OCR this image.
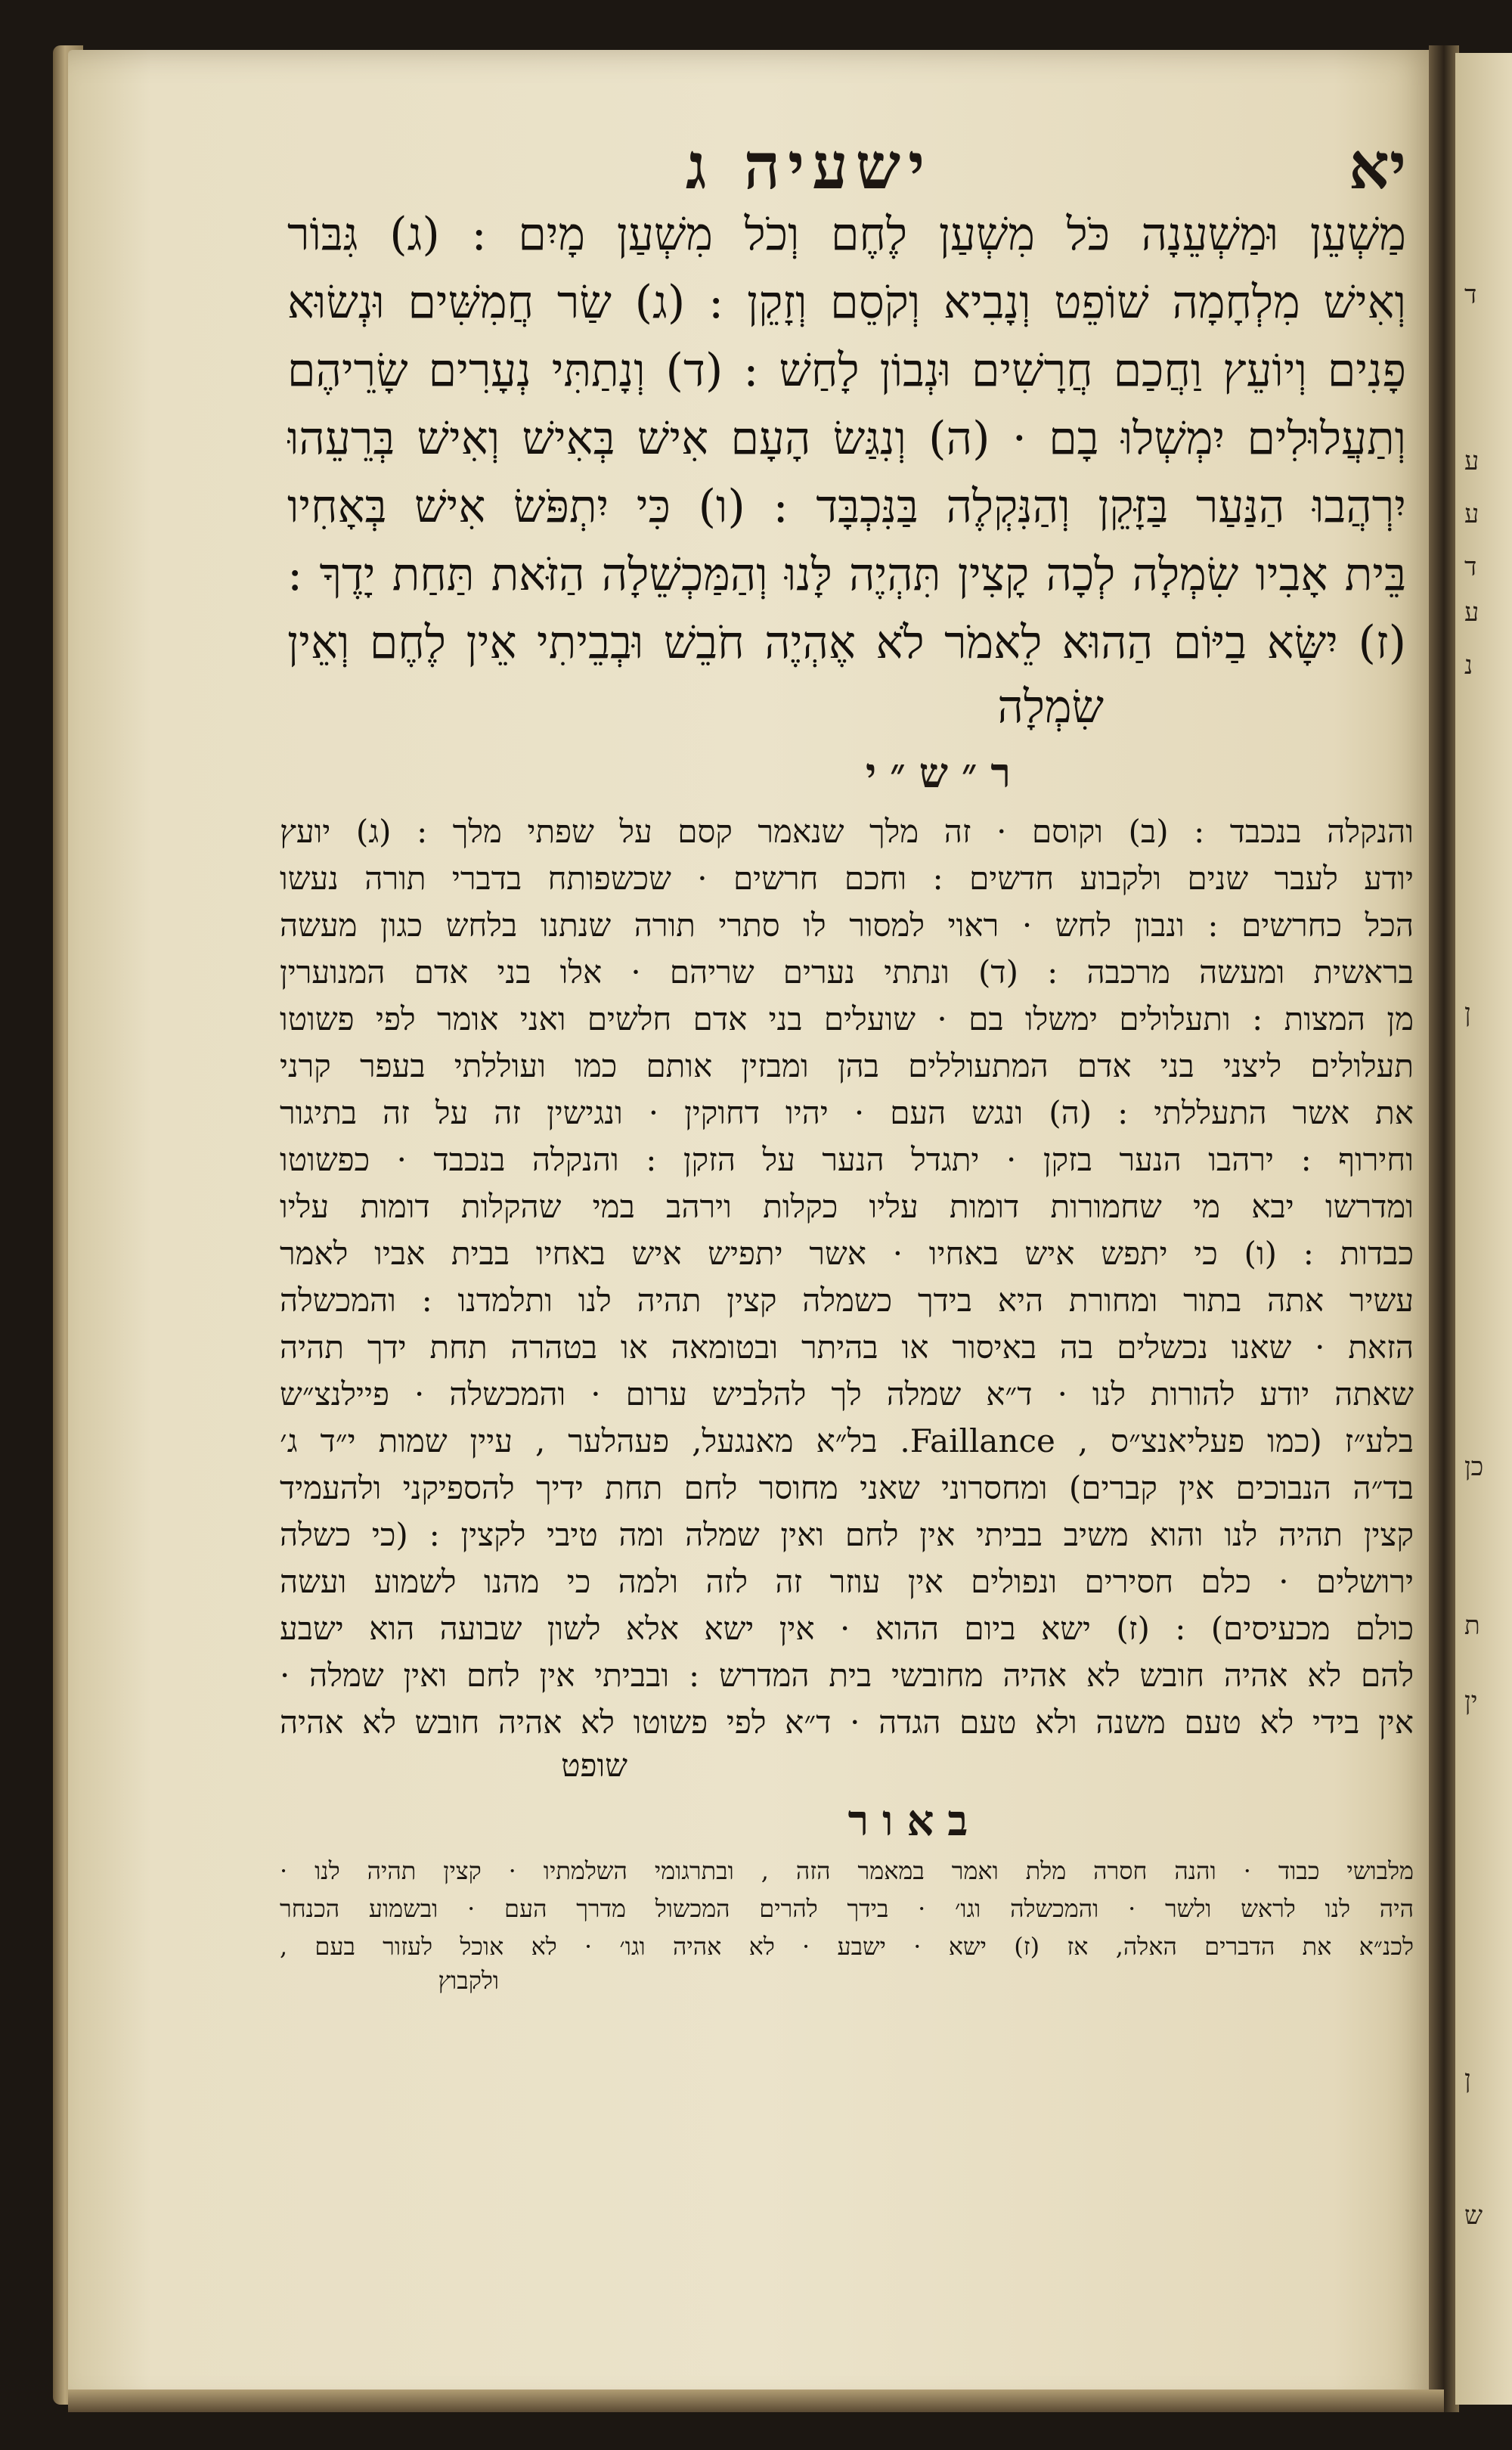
ד
ע
ע
ד
ע
נ
ן
כן
ת
ין
ן
ש
ישעיה ג	יא
מַשְׁעֵן וּמַשְׁעֵנָה כֹּל מִשְׁעַן לֶחֶם וְכֹל מִשְׁעַן מָיִם : (ג) גִּבּוֹר
וְאִישׁ מִלְחָמָה שׁוֹפֵט וְנָבִיא וְקֹסֵם וְזָקֵן : (ג) שַׂר חֲמִשִּׁים וּנְשׂוּא
פָנִים וְיוֹעֵץ וַחֲכַם חֲרָשִׁים וּנְבוֹן לָחַשׁ : (ד) וְנָתַתִּי נְעָרִים שָׂרֵיהֶם
וְתַעֲלוּלִים יִמְשְׁלוּ בָם · (ה) וְנִגַּשׂ הָעָם אִישׁ בְּאִישׁ וְאִישׁ בְּרֵעֵהוּ
יִרְהֲבוּ הַנַּעַר בַּזָּקֵן וְהַנִּקְלֶה בַּנִּכְבָּד : (ו) כִּי יִתְפֹּשׂ אִישׁ בְּאָחִיו
בֵּית אָבִיו שִׂמְלָה לְכָה קָצִין תִּהְיֶה לָּנוּ וְהַמַּכְשֵׁלָה הַזֹּאת תַּחַת יָדֶךָ :
(ז) יִשָּׂא בַיּוֹם הַהוּא לֵאמֹר לֹא אֶהְיֶה חֹבֵשׁ וּבְבֵיתִי אֵין לֶחֶם וְאֵין
שִׂמְלָה
ר״ש״י
והנקלה בנכבד : (ב) וקוסם · זה מלך שנאמר קסם על שפתי מלך : (ג) יועץ
יודע לעבר שנים ולקבוע חדשים : וחכם חרשים · שכשפותח בדברי תורה נעשו
הכל כחרשים : ונבון לחש · ראוי למסור לו סתרי תורה שנתנו בלחש כגון מעשה
בראשית ומעשה מרכבה : (ד) ונתתי נערים שריהם · אלו בני אדם המנוערין
מן המצות : ותעלולים ימשלו בם · שועלים בני אדם חלשים ואני אומר לפי פשוטו
תעלולים ליצני בני אדם המתעוללים בהן ומבזין אותם כמו ועוללתי בעפר קרני
את אשר התעללתי : (ה) ונגש העם · יהיו דחוקין · ונגישין זה על זה בתיגור
וחירוף : ירהבו הנער בזקן · יתגדל הנער על הזקן : והנקלה בנכבד · כפשוטו
ומדרשו יבא מי שחמורות דומות עליו כקלות וירהב במי שהקלות דומות עליו
כבדות : (ו) כי יתפש איש באחיו · אשר יתפיש איש באחיו בבית אביו לאמר
עשיר אתה בתור ומחורת היא בידך כשמלה קצין תהיה לנו ותלמדנו : והמכשלה
הזאת · שאנו נכשלים בה באיסור או בהיתר ובטומאה או בטהרה תחת ידך תהיה
שאתה יודע להורות לנו · ד״א שמלה לך להלביש ערום · והמכשלה · פיילנצ״ש
בלע״ז (כמו פעליאנצ״ס , Faillance. בל״א מאנגעל, פעהלער , עיין שמות י״ד ג׳
בד״ה הנבוכים אין קברים) ומחסרוני שאני מחוסר לחם תחת ידיך להספיקני ולהעמיד
קצין תהיה לנו והוא משיב בביתי אין לחם ואין שמלה ומה טיבי לקצין : (כי כשלה
ירושלים · כלם חסירים ונפולים אין עוזר זה לזה ולמה כי מהנו לשמוע ועשה
כולם מכעיסים) : (ז) ישא ביום ההוא · אין ישא אלא לשון שבועה הוא ישבע
להם לא אהיה חובש לא אהיה מחובשי בית המדרש : ובביתי אין לחם ואין שמלה ·
אין בידי לא טעם משנה ולא טעם הגדה · ד״א לפי פשוטו לא אהיה חובש לא אהיה
שופט
באור
מלבושי כבוד · והנה חסרה מלת ואמר במאמר הזה , ובתרגומי השלמתיו · קצין תהיה לנו ·
היה לנו לראש ולשר · והמכשלה וגו׳ · בידך להרים המכשול מדרך העם · ובשמוע הכנחר
לכנ״א את הדברים האלה, אז (ז) ישא · ישבע · לא אהיה וגו׳ · לא אוכל לעזור בעם ,
ולקבוץ
